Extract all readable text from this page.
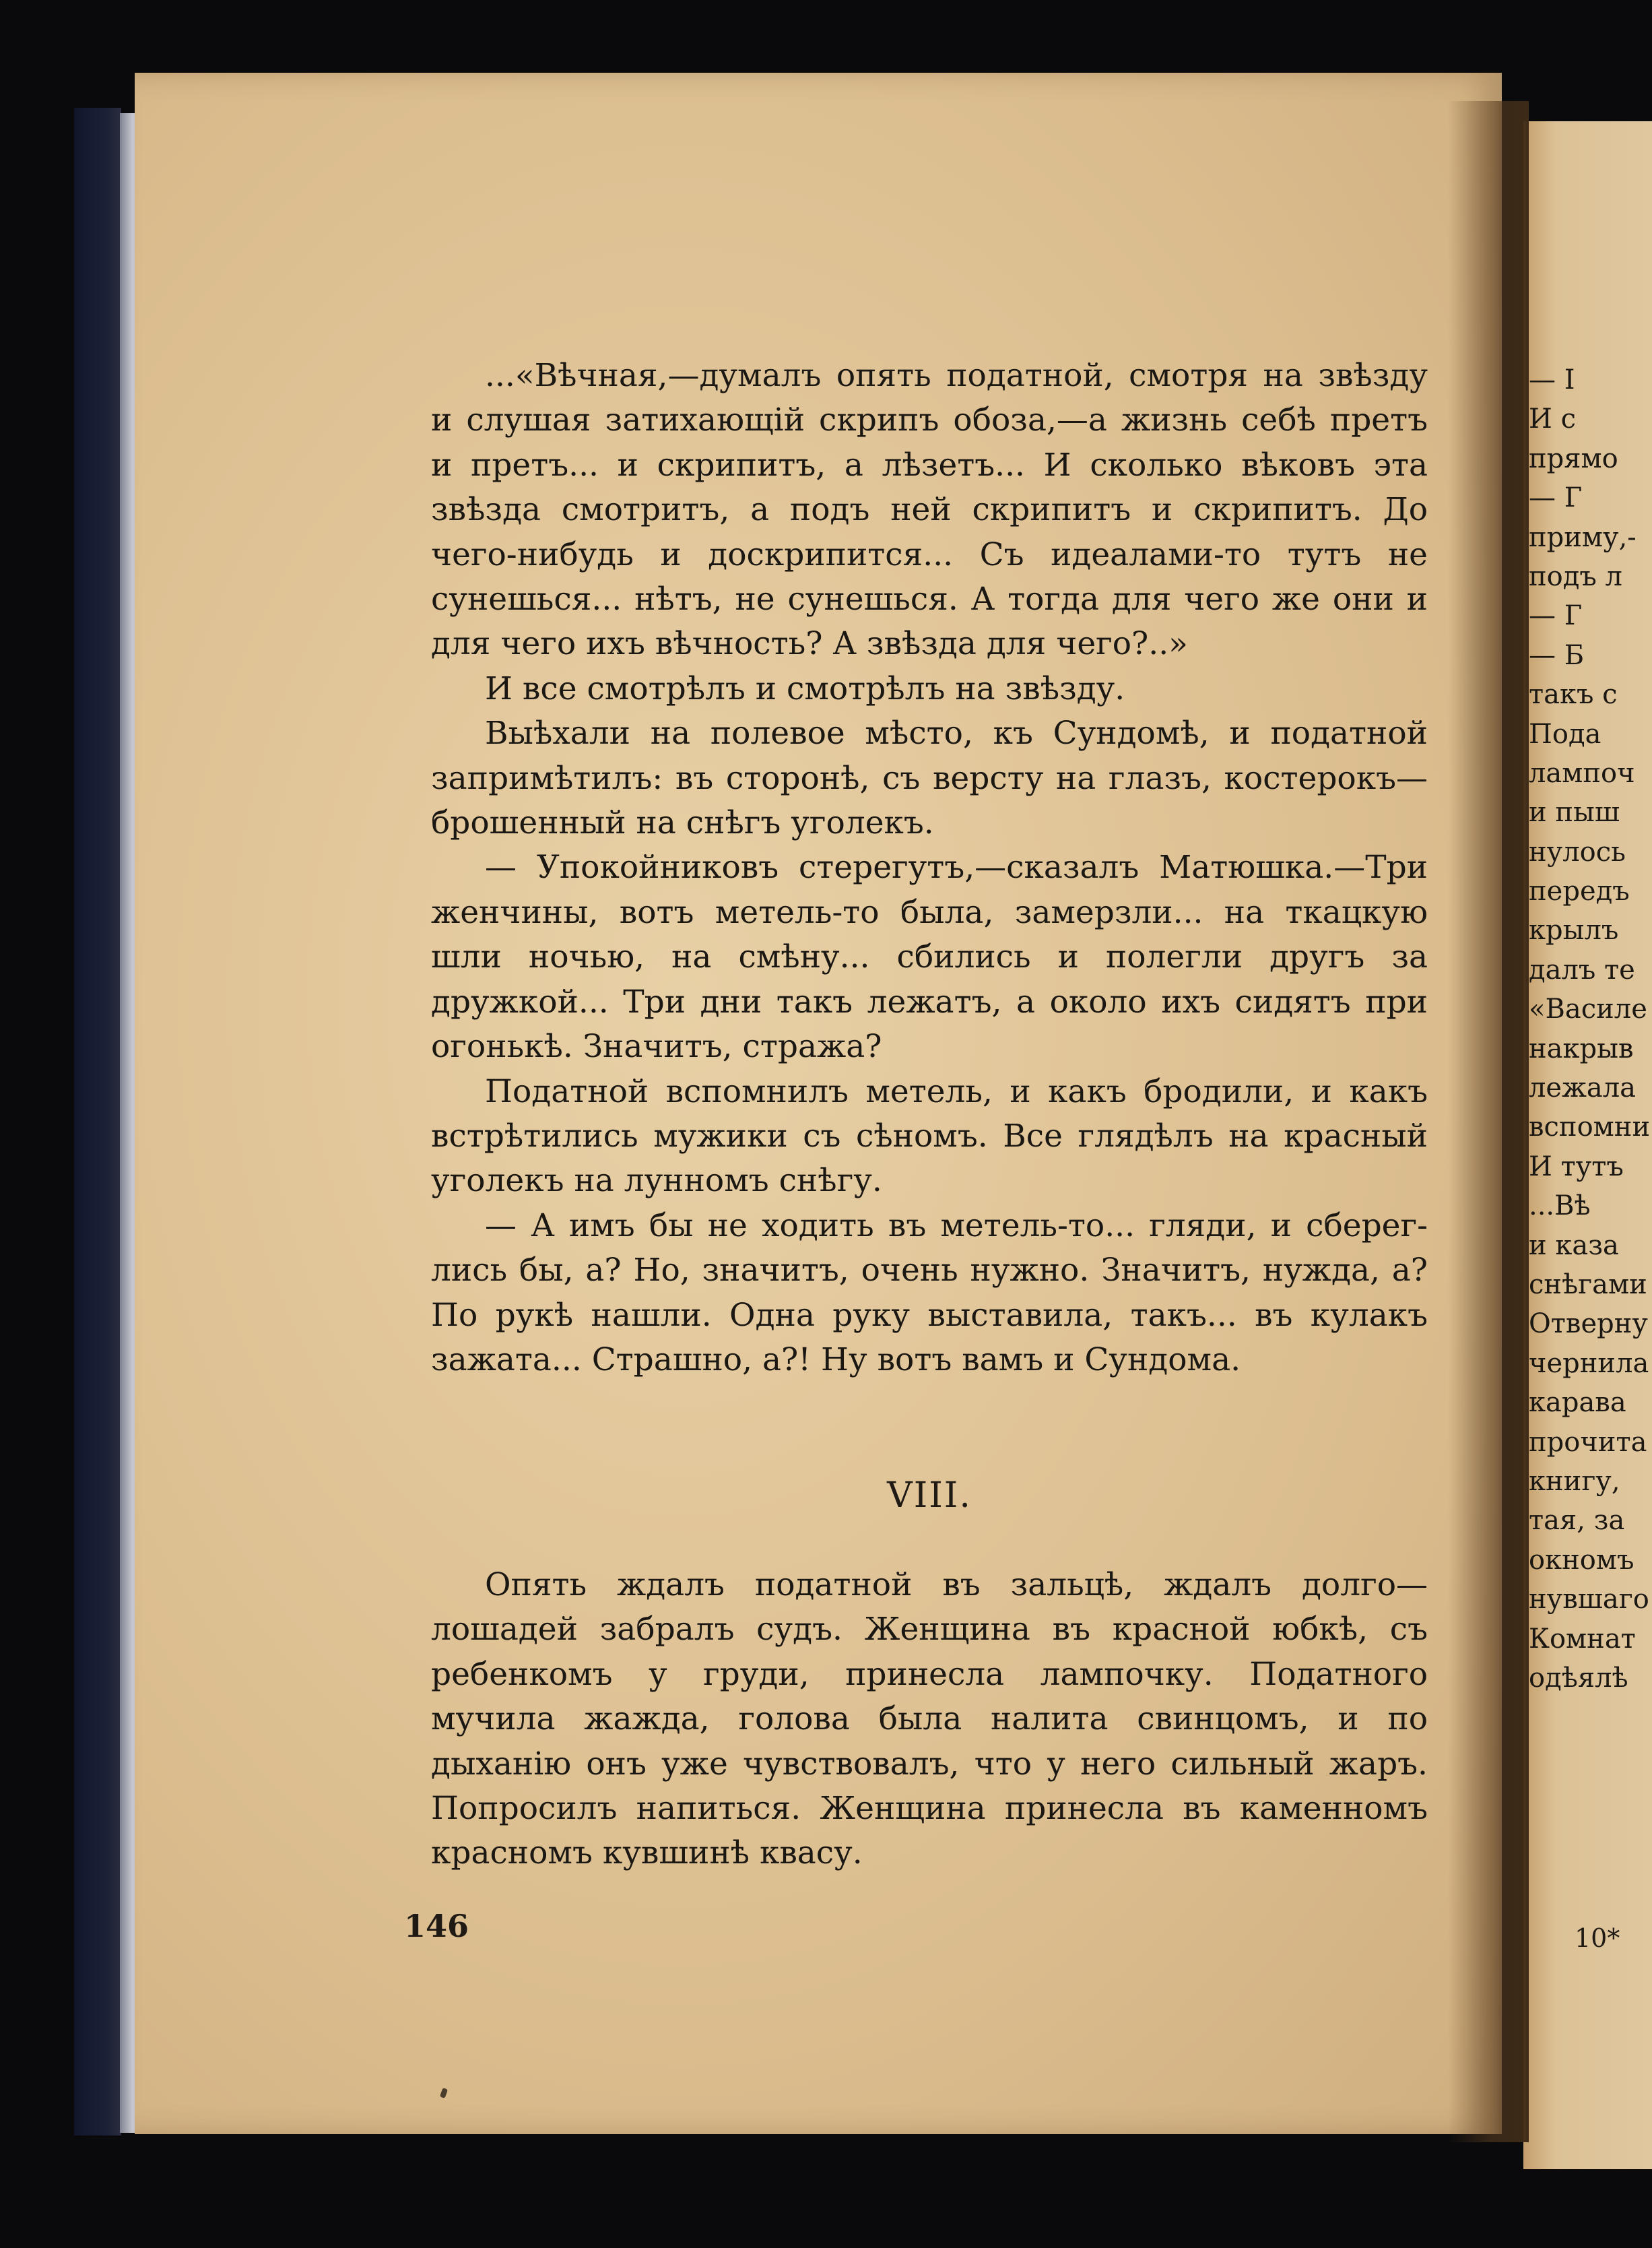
...«Вѣчная,—думалъ опять податной, смотря на звѣзду и слушая затихающій скрипъ обоза,—а жизнь себѣ претъ и претъ... и скрипитъ, а лѣзетъ... И сколько вѣковъ эта звѣзда смотритъ, а подъ ней скрипитъ и скрипитъ. До чего-нибудь и доскрипится... Съ идеалами-то тутъ не сунешься... нѣтъ, не сунешься. А тогда для чего же они и для чего ихъ вѣчность? А звѣзда для чего?..»

И все смотрѣлъ и смотрѣлъ на звѣзду.

Выѣхали на полевое мѣсто, къ Сундомѣ, и податной запримѣтилъ: въ сторонѣ, съ версту на глазъ, костерокъ—брошенный на снѣгъ уголекъ.

— Упокойниковъ стерегутъ,—сказалъ Матюшка.—Три женчины, вотъ метель-то была, замерзли... на ткацкую шли ночью, на смѣну... сбились и полегли другъ за дружкой... Три дни такъ лежатъ, а около ихъ сидятъ при огонькѣ. Значитъ, стража?

Податной вспомнилъ метель, и какъ бродили, и какъ встрѣтились мужики съ сѣномъ. Все глядѣлъ на красный уголекъ на лунномъ снѣгу.

— А имъ бы не ходить въ метель-то... гляди, и сберег-лись бы, а? Но, значитъ, очень нужно. Значитъ, нужда, а? По рукѣ нашли. Одна руку выставила, такъ... въ кулакъ зажата... Страшно, а?! Ну вотъ вамъ и Сундома.

VIII.

Опять ждалъ податной въ зальцѣ, ждалъ долго—лошадей забралъ судъ. Женщина въ красной юбкѣ, съ ребенкомъ у груди, принесла лампочку. Податного мучила жажда, голова была налита свинцомъ, и по дыханію онъ уже чувствовалъ, что у него сильный жаръ. Попросилъ напиться. Женщина принесла въ каменномъ красномъ кувшинѣ квасу.

146
— I
И с
прямо
— Г
приму,-
подъ л
— Г
— Б
такъ с
Пода
лампоч
и пыш
нулось
передъ
крылъ
далъ те
«Василе
накрыв
лежала
вспомни
И тутъ
...Вѣ
и каза
снѣгами
Отверну
чернила
карава
прочита
книгу,
тая, за
окномъ
нувшаго
Комнат
одѣялѣ
10*
